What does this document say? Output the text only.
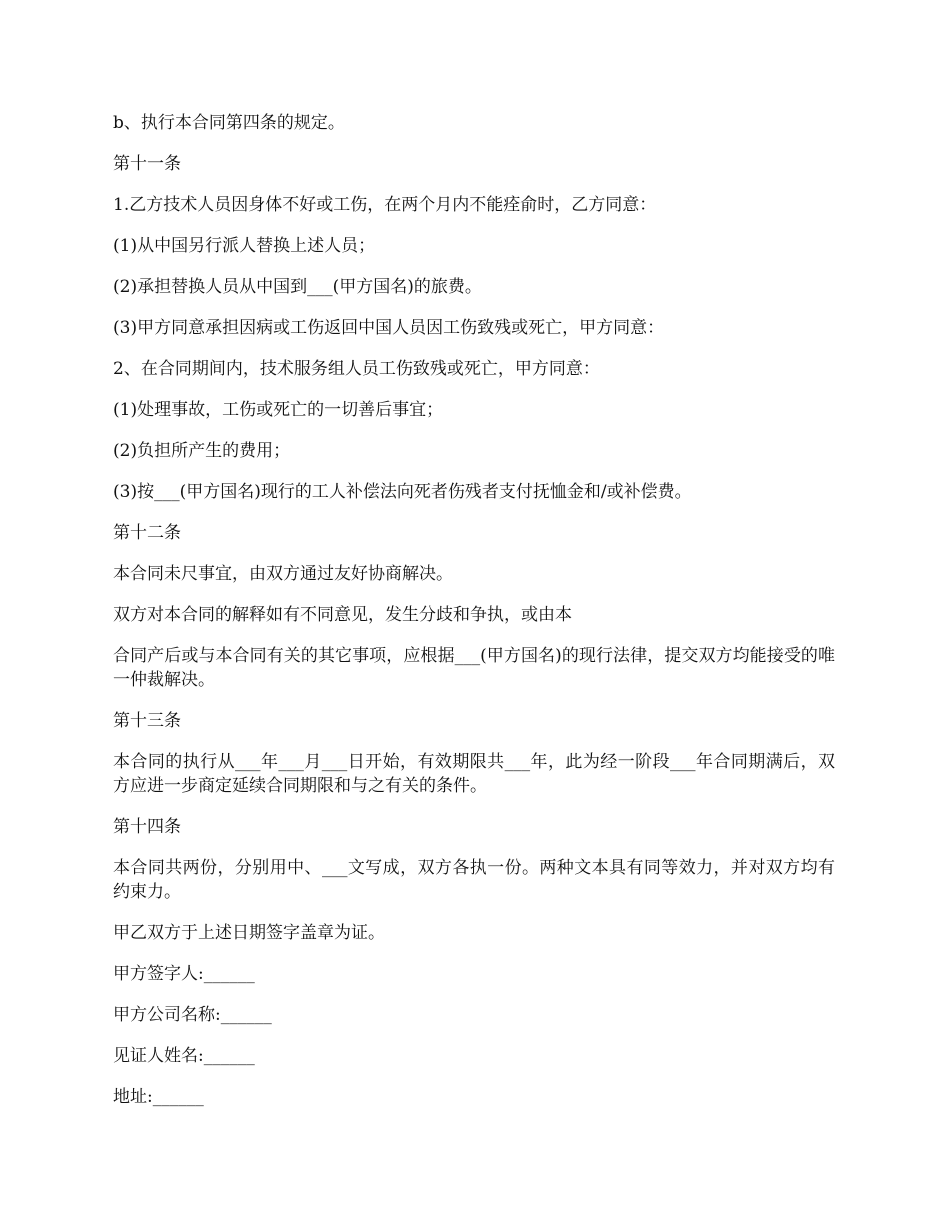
b、执行本合同第四条的规定。

第十一条

1.乙方技术人员因身体不好或工伤，在两个月内不能痊俞时，乙方同意：

(1)从中国另行派人替换上述人员；

(2)承担替换人员从中国到___(甲方国名)的旅费。

(3)甲方同意承担因病或工伤返回中国人员因工伤致残或死亡，甲方同意：

2、在合同期间内，技术服务组人员工伤致残或死亡，甲方同意：

(1)处理事故，工伤或死亡的一切善后事宜；

(2)负担所产生的费用；

(3)按___(甲方国名)现行的工人补偿法向死者伤残者支付抚恤金和/或补偿费。

第十二条

本合同未尺事宜，由双方通过友好协商解决。

双方对本合同的解释如有不同意见，发生分歧和争执，或由本

合同产后或与本合同有关的其它事项，应根据___(甲方国名)的现行法律，提交双方均能接受的唯一仲裁解决。

第十三条

本合同的执行从___年___月___日开始，有效期限共___年，此为经一阶段___年合同期满后，双方应进一步商定延续合同期限和与之有关的条件。

第十四条

本合同共两份，分别用中、___文写成，双方各执一份。两种文本具有同等效力，并对双方均有约束力。

甲乙双方于上述日期签字盖章为证。

甲方签字人:______

甲方公司名称:______

见证人姓名:______

地址:______
